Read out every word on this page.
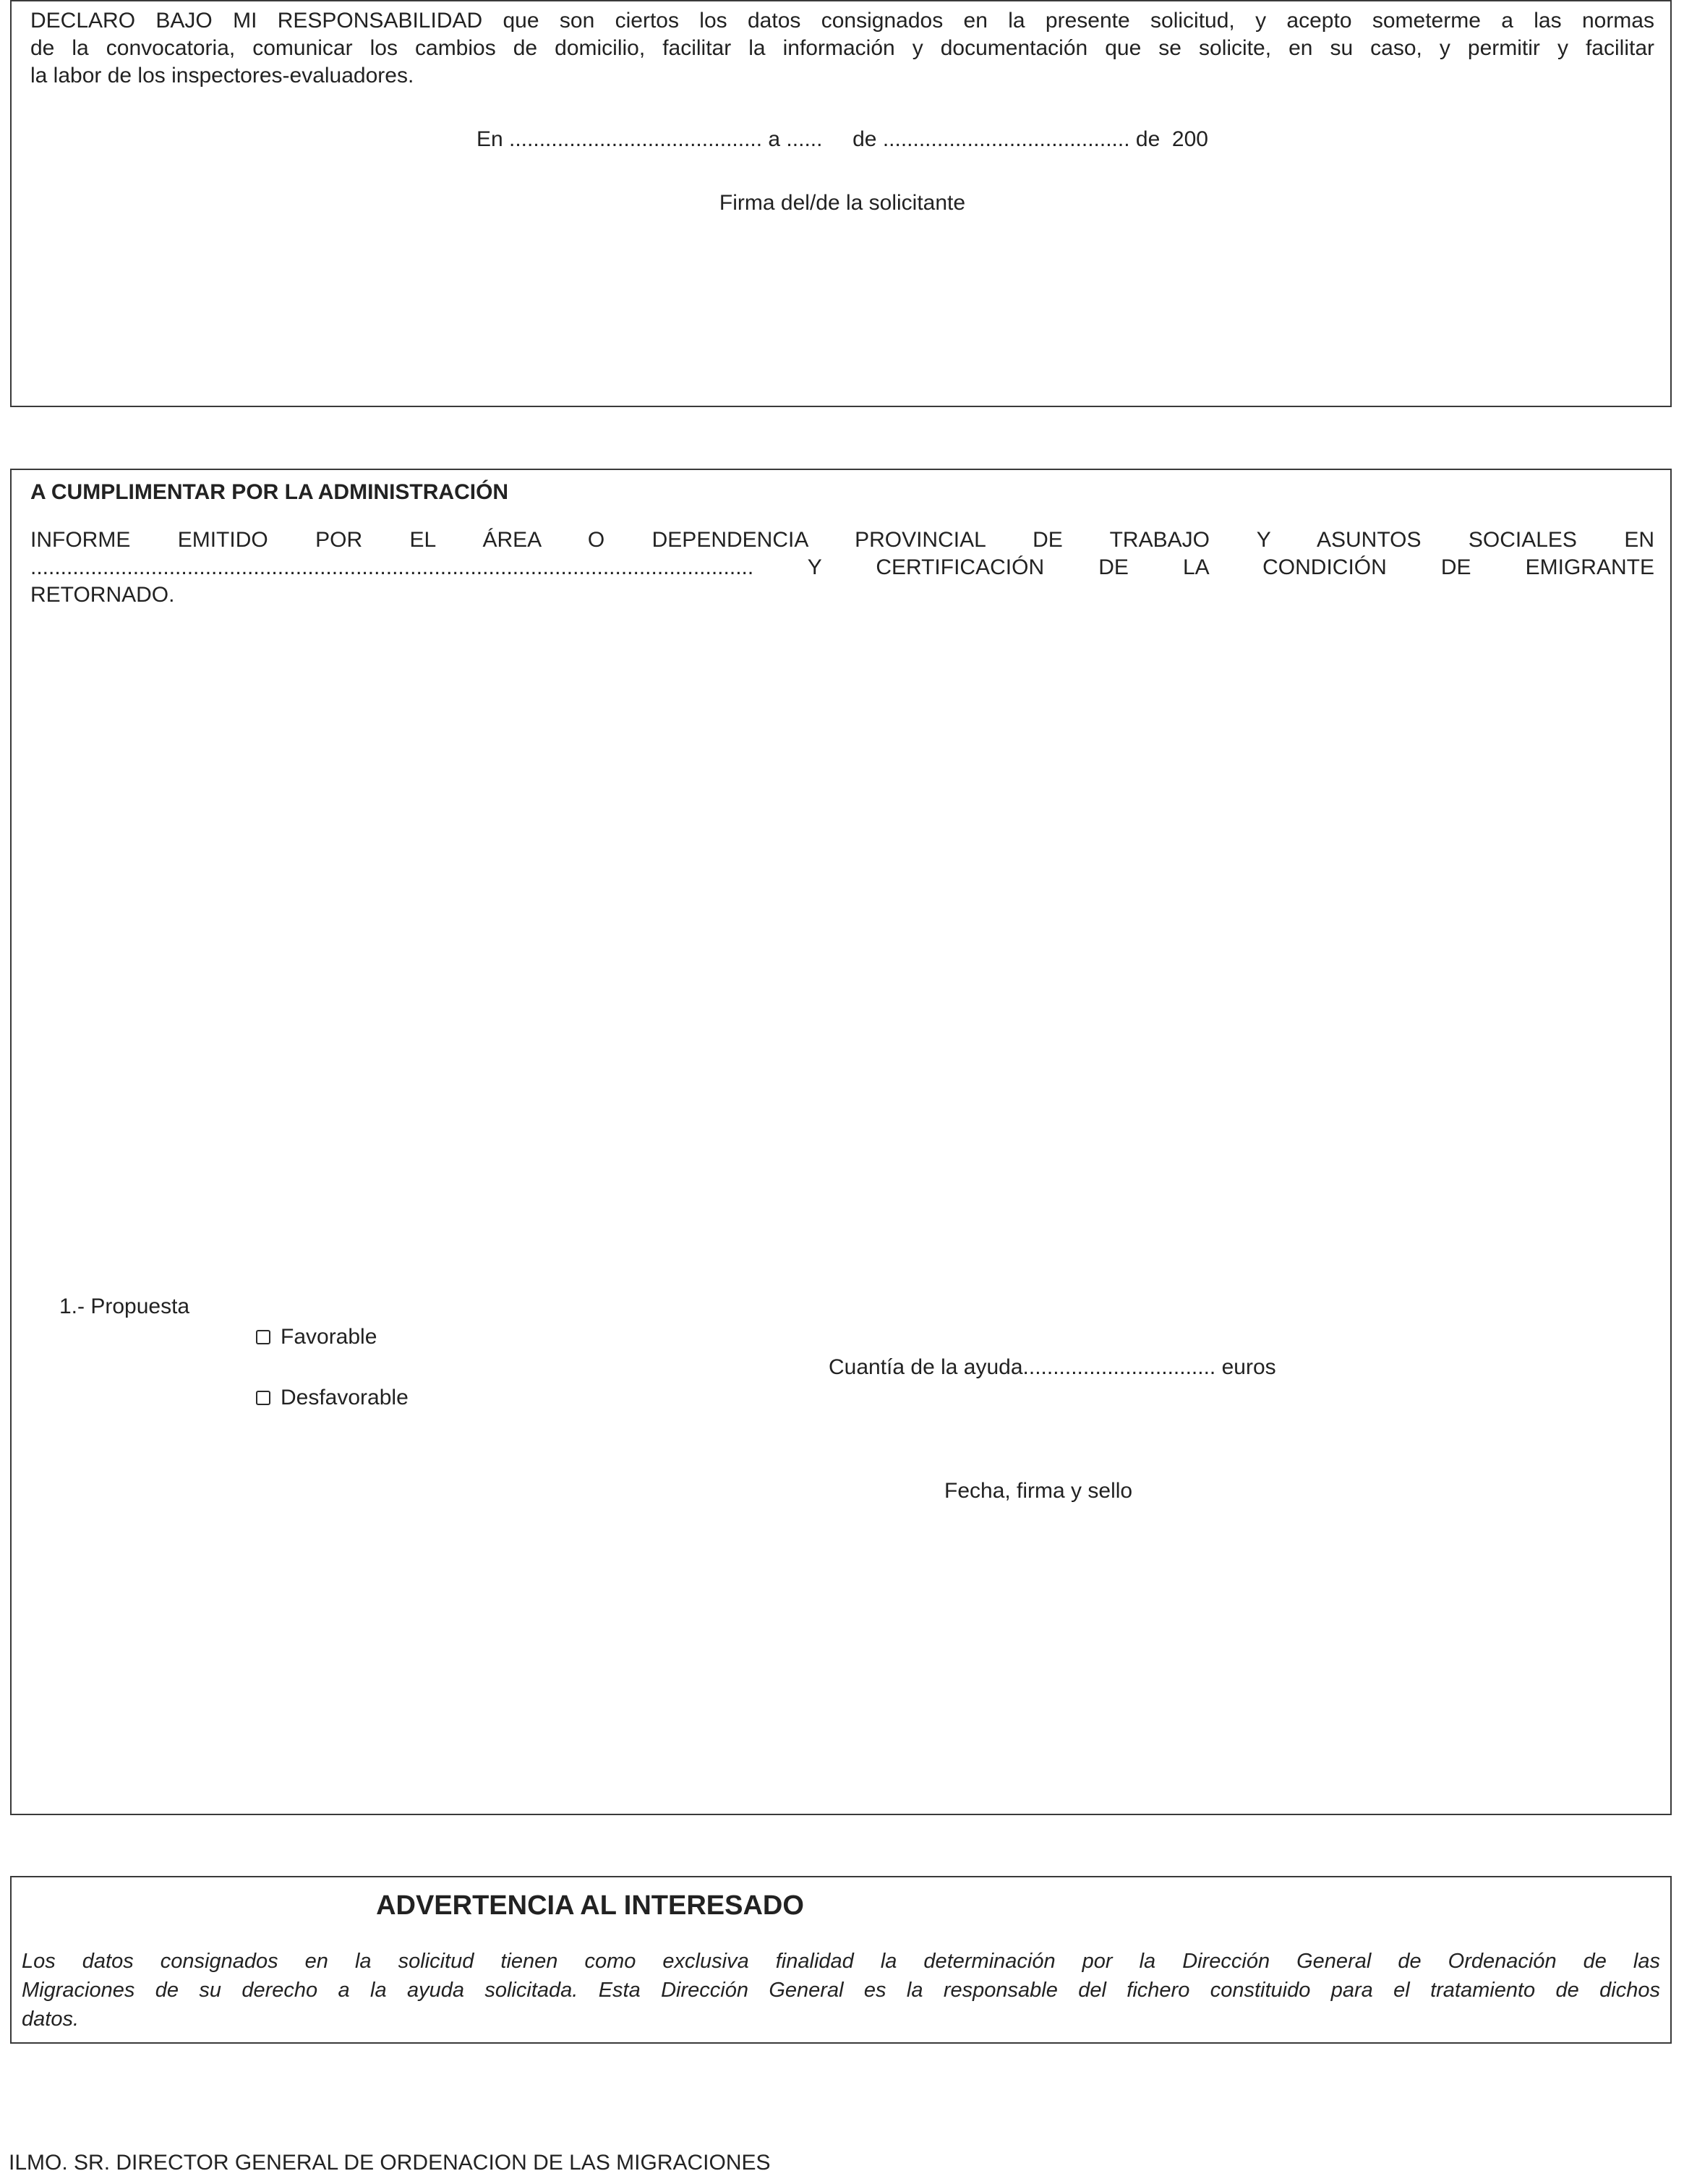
DECLARO BAJO MI RESPONSABILIDAD que son ciertos los datos consignados en la presente solicitud, y acepto someterme a las normas
de la convocatoria, comunicar los cambios de domicilio, facilitar la información y documentación que se solicite, en su caso, y permitir y facilitar
la labor de los inspectores-evaluadores.
En .......................................... a ......     de ......................................... de  200
Firma del/de la solicitante
A CUMPLIMENTAR POR LA ADMINISTRACIÓN
INFORME   EMITIDO   POR   EL   ÁREA   O   DEPENDENCIA   PROVINCIAL   DE   TRABAJO   Y   ASUNTOS   SOCIALES   EN
........................................................................................................................ Y CERTIFICACIÓN DE LA CONDICIÓN DE EMIGRANTE
RETORNADO.
1.- Propuesta
Favorable
Desfavorable
Cuantía de la ayuda................................ euros
Fecha, firma y sello
ADVERTENCIA AL INTERESADO
Los datos consignados en la solicitud tienen como exclusiva finalidad la determinación por la Dirección General de Ordenación de las
Migraciones de su derecho a la ayuda solicitada. Esta Dirección General es la responsable del fichero constituido para el tratamiento de dichos
datos.
ILMO. SR. DIRECTOR GENERAL DE ORDENACION DE LAS MIGRACIONES
